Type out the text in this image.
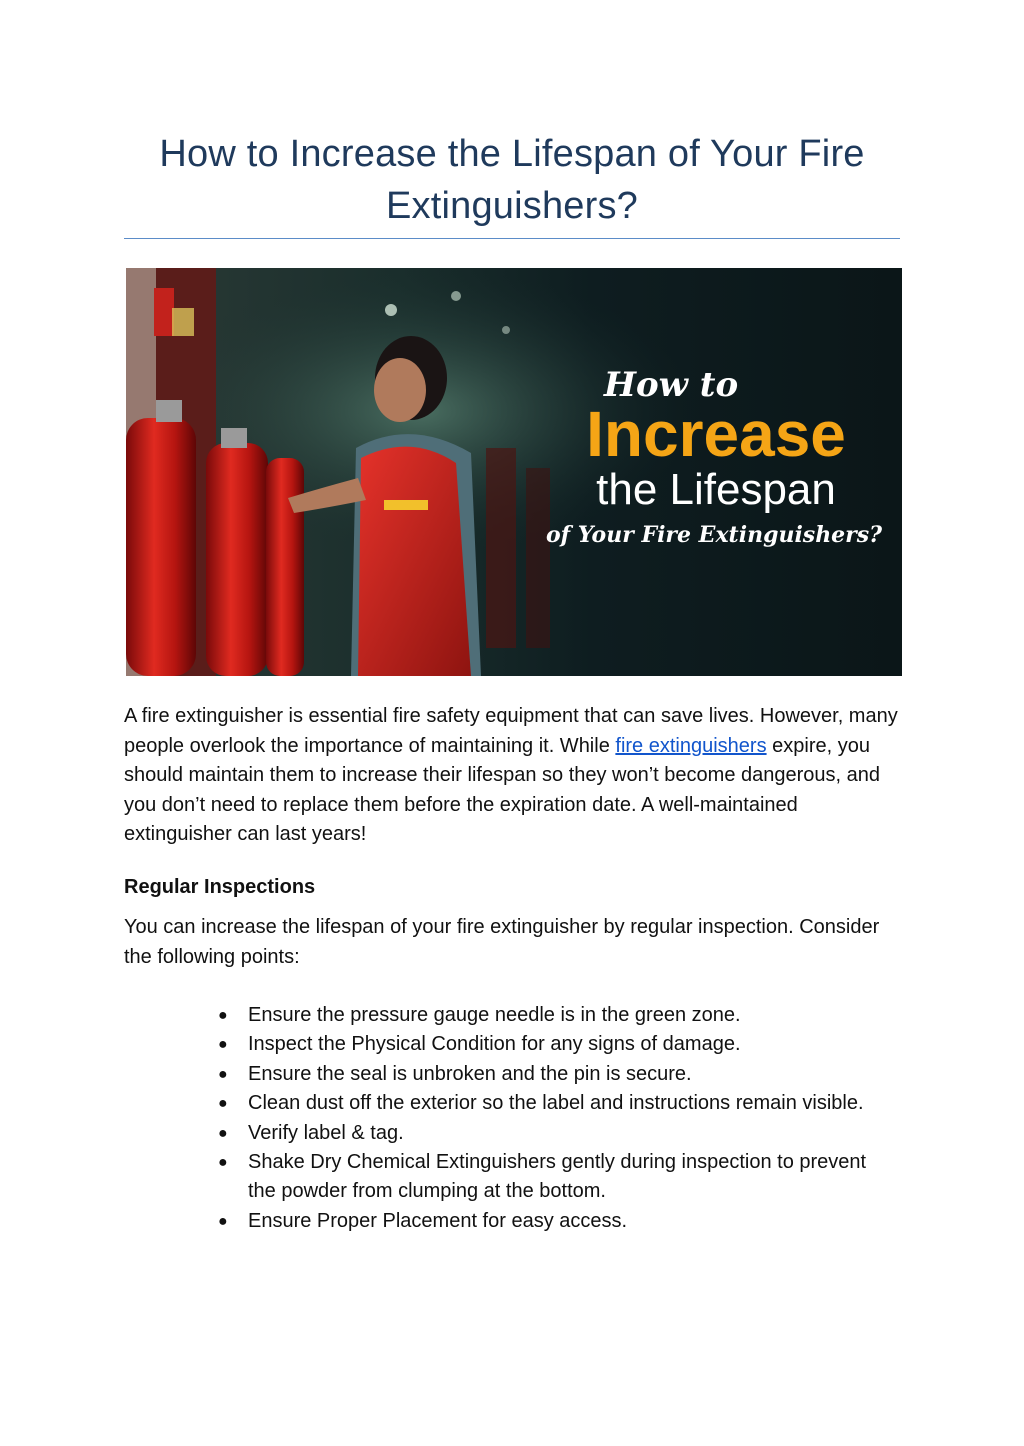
How to Increase the Lifespan of Your Fire Extinguishers?
How to
Increase
the Lifespan
of Your Fire Extinguishers?

A fire extinguisher is essential fire safety equipment that can save lives. However, many people overlook the importance of maintaining it. While fire extinguishers expire, you should maintain them to increase their lifespan so they won’t become dangerous, and you don’t need to replace them before the expiration date. A well-maintained extinguisher can last years!

Regular Inspections

You can increase the lifespan of your fire extinguisher by regular inspection. Consider the following points:

● Ensure the pressure gauge needle is in the green zone.
● Inspect the Physical Condition for any signs of damage.
● Ensure the seal is unbroken and the pin is secure.
● Clean dust off the exterior so the label and instructions remain visible.
● Verify label & tag.
● Shake Dry Chemical Extinguishers gently during inspection to prevent the powder from clumping at the bottom.
● Ensure Proper Placement for easy access.
